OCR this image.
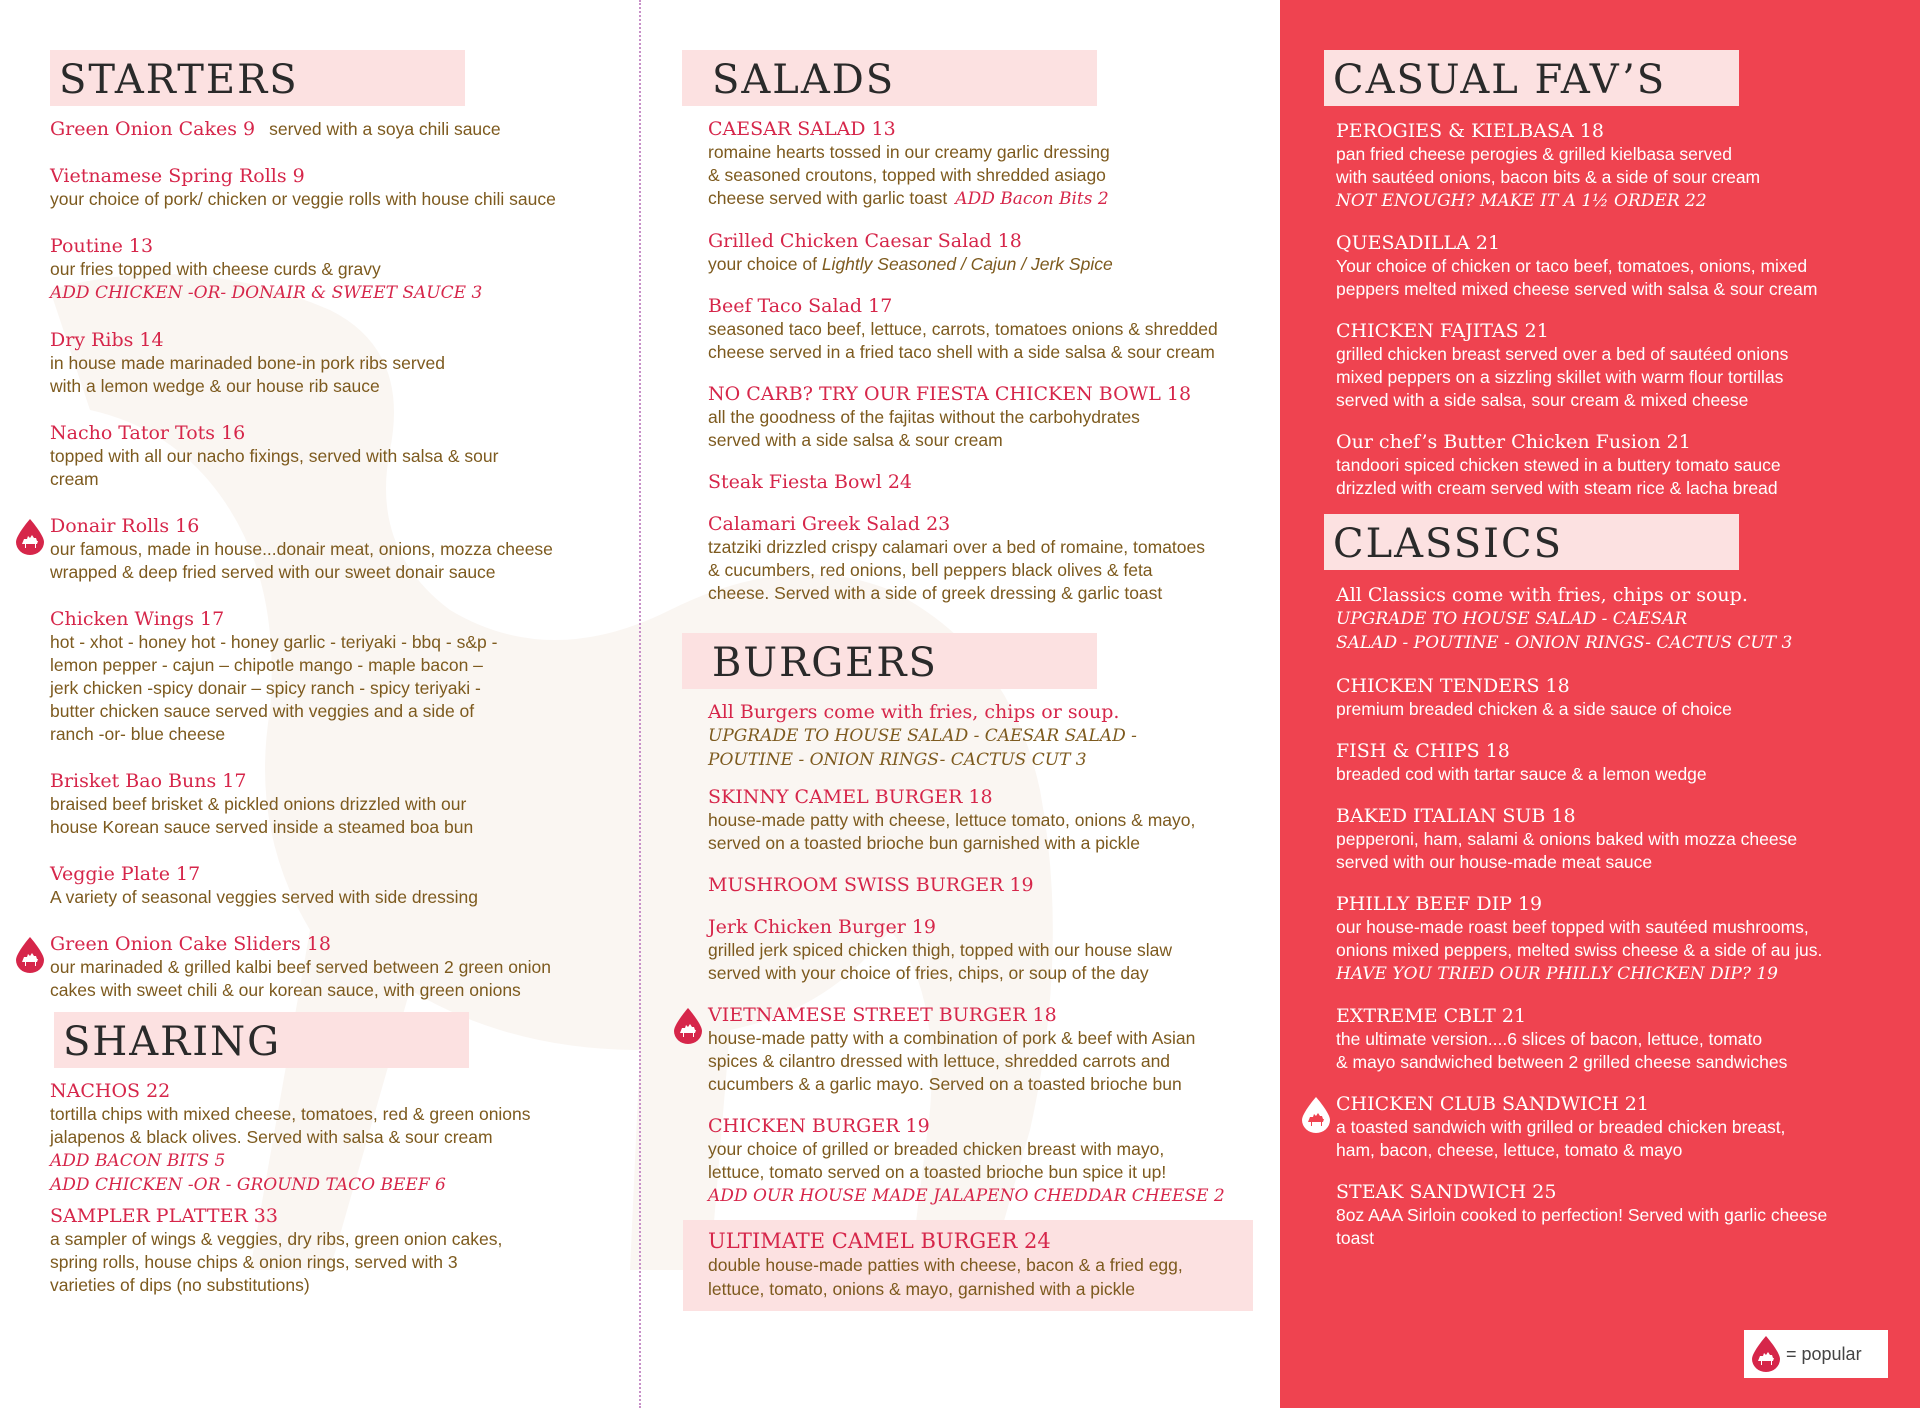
STARTERS
Green Onion Cakes 9 served with a soya chili sauce
Vietnamese Spring Rolls 9
your choice of pork/ chicken or veggie rolls with house chili sauce
Poutine 13
our fries topped with cheese curds & gravy
ADD CHICKEN -OR- DONAIR & SWEET SAUCE 3
Dry Ribs 14
in house made marinaded bone-in pork ribs served
with a lemon wedge & our house rib sauce
Nacho Tator Tots 16
topped with all our nacho fixings, served with salsa & sour
cream
Donair Rolls 16
our famous, made in house...donair meat, onions, mozza cheese
wrapped & deep fried served with our sweet donair sauce
Chicken Wings 17
hot - xhot - honey hot - honey garlic - teriyaki - bbq - s&p -
lemon pepper - cajun – chipotle mango - maple bacon –
jerk chicken -spicy donair – spicy ranch - spicy teriyaki -
butter chicken sauce served with veggies and a side of
ranch -or- blue cheese
Brisket Bao Buns 17
braised beef brisket & pickled onions drizzled with our
house Korean sauce served inside a steamed boa bun
Veggie Plate 17
A variety of seasonal veggies served with side dressing
Green Onion Cake Sliders 18
our marinaded & grilled kalbi beef served between 2 green onion
cakes with sweet chili & our korean sauce, with green onions
SHARING
NACHOS 22
tortilla chips with mixed cheese, tomatoes, red & green onions
jalapenos & black olives. Served with salsa & sour cream
ADD BACON BITS 5
ADD CHICKEN -OR - GROUND TACO BEEF 6
SAMPLER PLATTER 33
a sampler of wings & veggies, dry ribs, green onion cakes,
spring rolls, house chips & onion rings, served with 3
varieties of dips (no substitutions)
SALADS
CAESAR SALAD 13
romaine hearts tossed in our creamy garlic dressing
& seasoned croutons, topped with shredded asiago
cheese served with garlic toast ADD Bacon Bits 2
Grilled Chicken Caesar Salad 18
your choice of Lightly Seasoned / Cajun / Jerk Spice
Beef Taco Salad 17
seasoned taco beef, lettuce, carrots, tomatoes onions & shredded
cheese served in a fried taco shell with a side salsa & sour cream
NO CARB? TRY OUR FIESTA CHICKEN BOWL 18
all the goodness of the fajitas without the carbohydrates
served with a side salsa & sour cream
Steak Fiesta Bowl 24
Calamari Greek Salad 23
tzatziki drizzled crispy calamari over a bed of romaine, tomatoes
& cucumbers, red onions, bell peppers black olives & feta
cheese. Served with a side of greek dressing & garlic toast
BURGERS
All Burgers come with fries, chips or soup.
UPGRADE TO HOUSE SALAD - CAESAR SALAD -
POUTINE - ONION RINGS- CACTUS CUT 3
SKINNY CAMEL BURGER 18
house-made patty with cheese, lettuce tomato, onions & mayo,
served on a toasted brioche bun garnished with a pickle
MUSHROOM SWISS BURGER 19
Jerk Chicken Burger 19
grilled jerk spiced chicken thigh, topped with our house slaw
served with your choice of fries, chips, or soup of the day
VIETNAMESE STREET BURGER 18
house-made patty with a combination of pork & beef with Asian
spices & cilantro dressed with lettuce, shredded carrots and
cucumbers & a garlic mayo. Served on a toasted brioche bun
CHICKEN BURGER 19
your choice of grilled or breaded chicken breast with mayo,
lettuce, tomato served on a toasted brioche bun spice it up!
ADD OUR HOUSE MADE JALAPENO CHEDDAR CHEESE 2
ULTIMATE CAMEL BURGER 24
double house-made patties with cheese, bacon & a fried egg,
lettuce, tomato, onions & mayo, garnished with a pickle
CASUAL FAV’S
PEROGIES & KIELBASA 18
pan fried cheese perogies & grilled kielbasa served
with sautéed onions, bacon bits & a side of sour cream
NOT ENOUGH? MAKE IT A 1½ ORDER 22
QUESADILLA 21
Your choice of chicken or taco beef, tomatoes, onions, mixed
peppers melted mixed cheese served with salsa & sour cream
CHICKEN FAJITAS 21
grilled chicken breast served over a bed of sautéed onions
mixed peppers on a sizzling skillet with warm flour tortillas
served with a side salsa, sour cream & mixed cheese
Our chef’s Butter Chicken Fusion 21
tandoori spiced chicken stewed in a buttery tomato sauce
drizzled with cream served with steam rice & lacha bread
CLASSICS
All Classics come with fries, chips or soup.
UPGRADE TO HOUSE SALAD - CAESAR
SALAD - POUTINE - ONION RINGS- CACTUS CUT 3
CHICKEN TENDERS 18
premium breaded chicken & a side sauce of choice
FISH & CHIPS 18
breaded cod with tartar sauce & a lemon wedge
BAKED ITALIAN SUB 18
pepperoni, ham, salami & onions baked with mozza cheese
served with our house-made meat sauce
PHILLY BEEF DIP 19
our house-made roast beef topped with sautéed mushrooms,
onions mixed peppers, melted swiss cheese & a side of au jus.
HAVE YOU TRIED OUR PHILLY CHICKEN DIP? 19
EXTREME CBLT 21
the ultimate version....6 slices of bacon, lettuce, tomato
& mayo sandwiched between 2 grilled cheese sandwiches
CHICKEN CLUB SANDWICH 21
a toasted sandwich with grilled or breaded chicken breast,
ham, bacon, cheese, lettuce, tomato & mayo
STEAK SANDWICH 25
8oz AAA Sirloin cooked to perfection! Served with garlic cheese
toast
= popular
